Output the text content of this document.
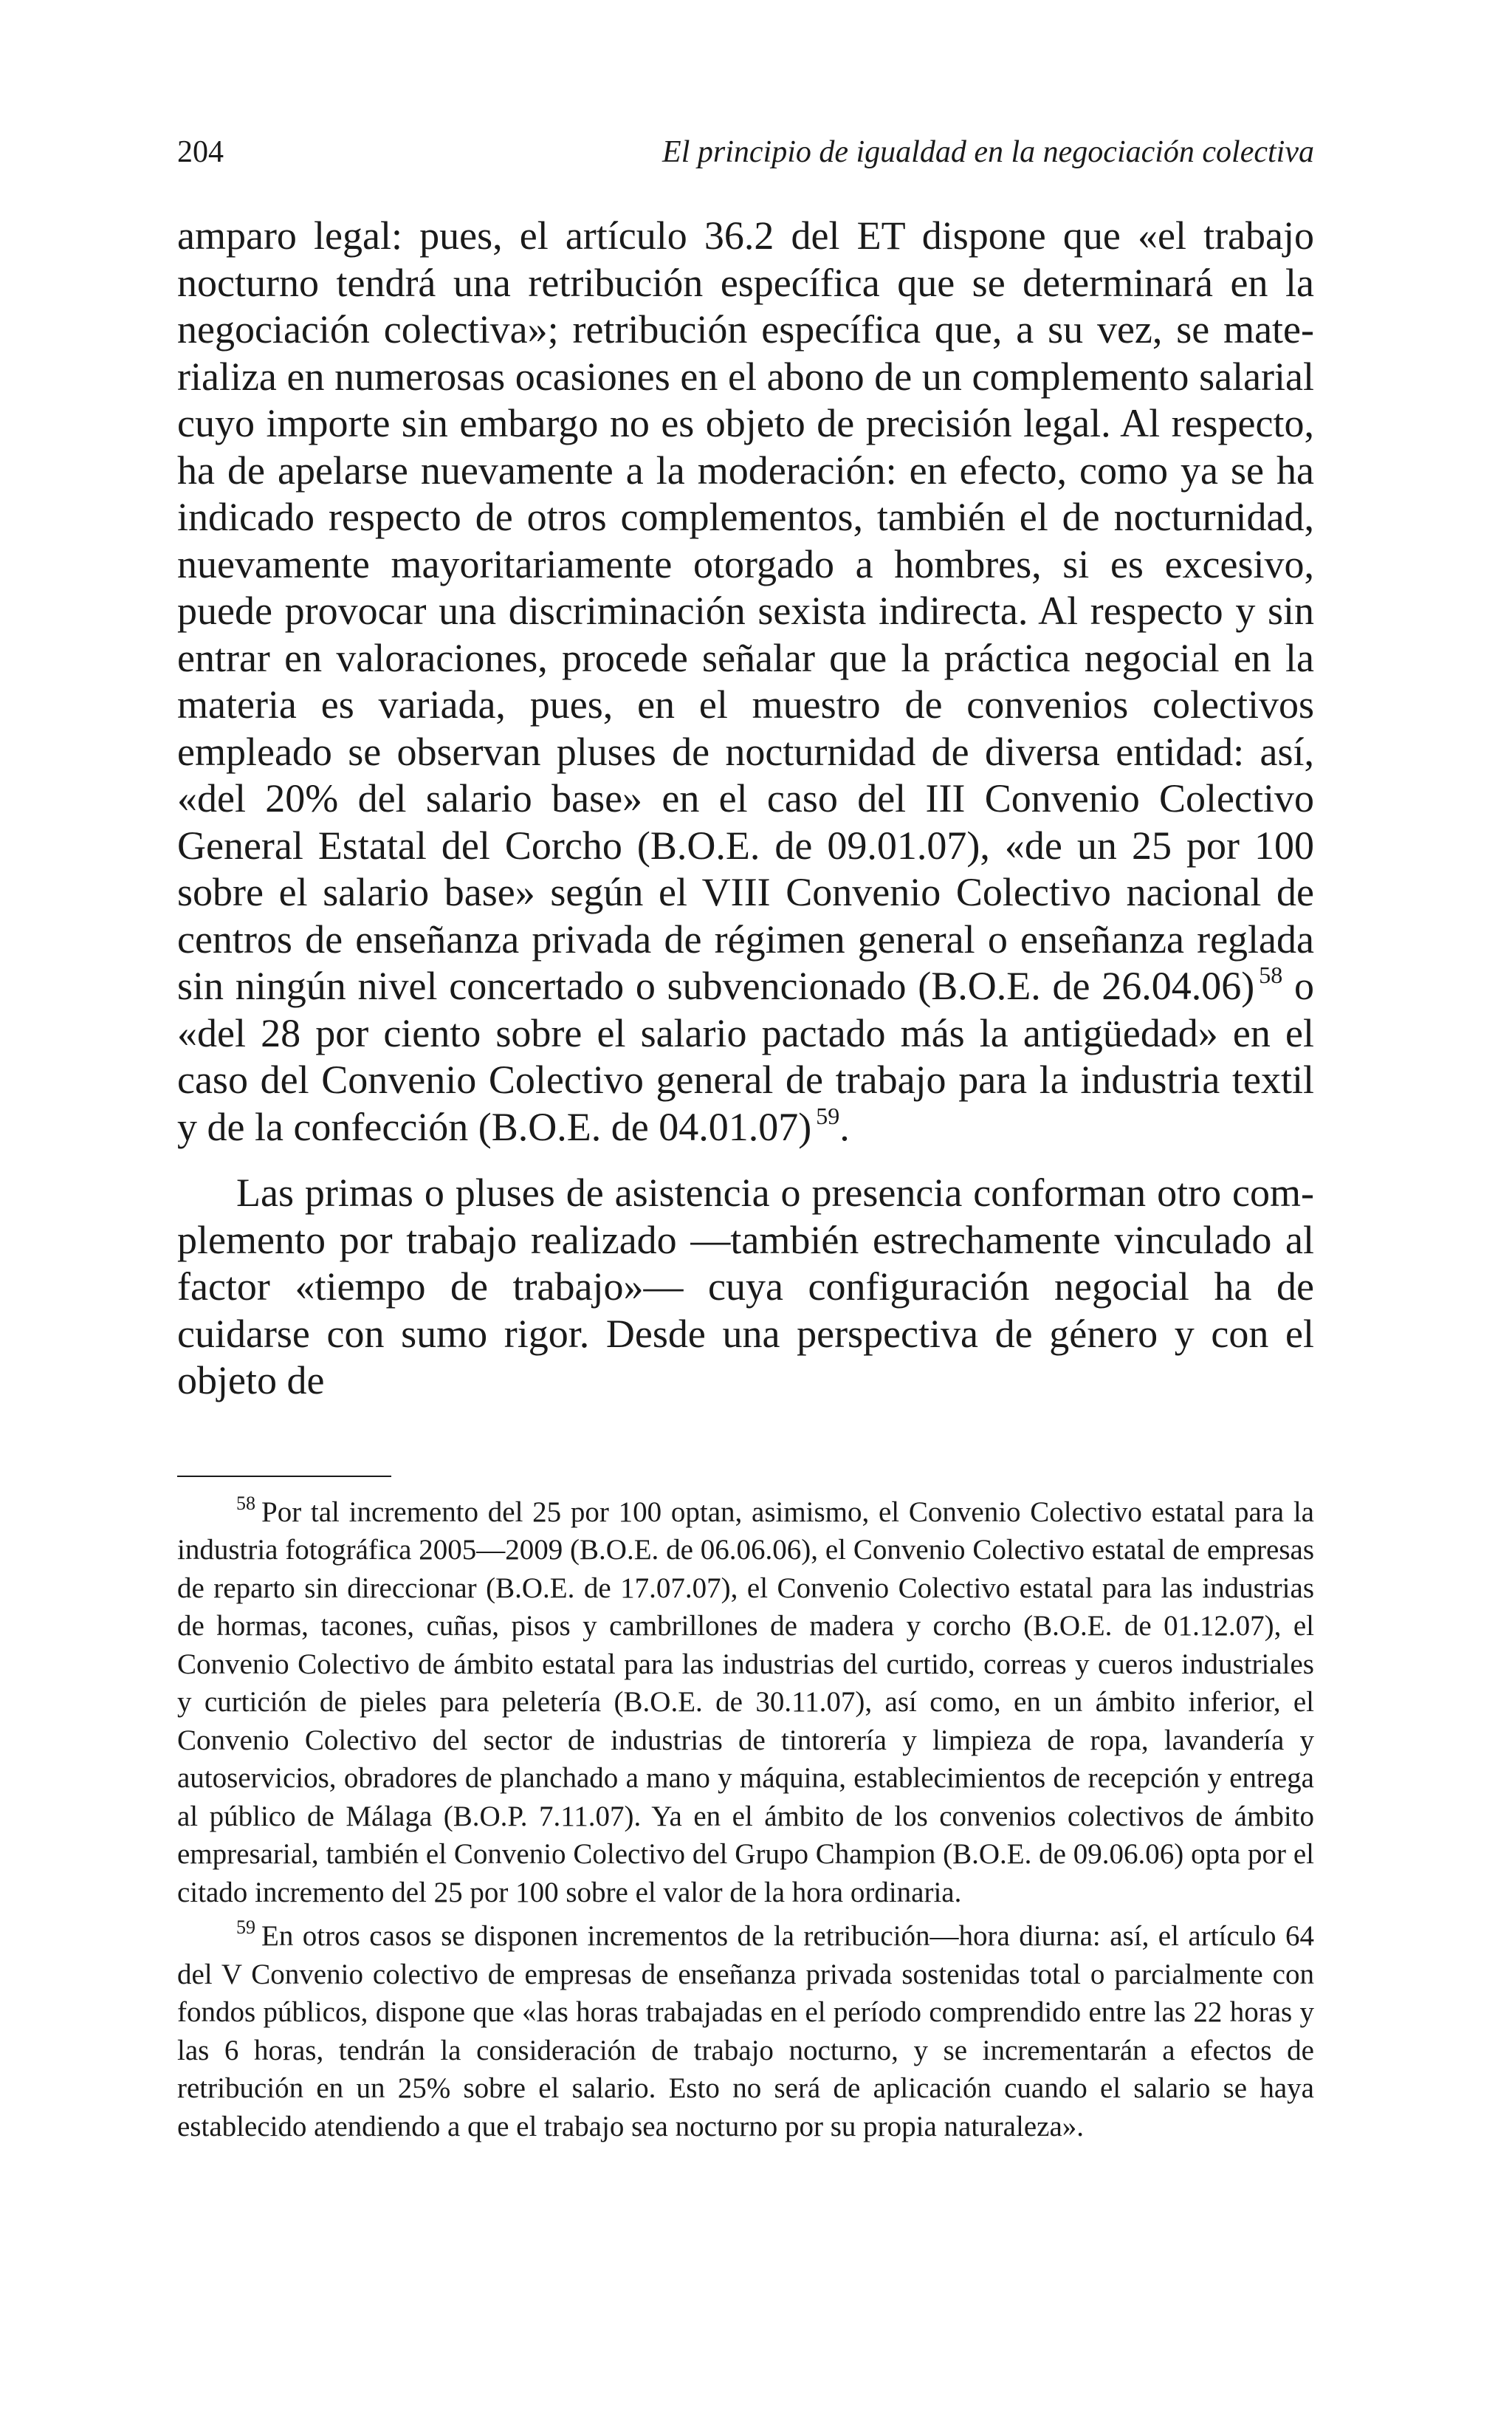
204	El principio de igualdad en la negociación colectiva

amparo legal: pues, el artículo 36.2 del ET dispone que «el trabajo nocturno tendrá una retribución específica que se determinará en la negociación colectiva»; retribución específica que, a su vez, se materializa en numerosas ocasiones en el abono de un complemento salarial cuyo importe sin embargo no es objeto de precisión legal. Al respecto, ha de apelarse nuevamente a la moderación: en efecto, como ya se ha indicado respecto de otros complementos, también el de nocturnidad, nuevamente mayoritariamente otorgado a hombres, si es excesivo, puede provocar una discriminación sexista indirecta. Al respecto y sin entrar en valoraciones, procede señalar que la práctica negocial en la materia es variada, pues, en el muestro de convenios colectivos empleado se observan pluses de nocturnidad de diversa entidad: así, «del 20% del salario base» en el caso del III Convenio Colectivo General Estatal del Corcho (B.O.E. de 09.01.07), «de un 25 por 100 sobre el salario base» según el VIII Convenio Colectivo nacional de centros de enseñanza privada de régimen general o enseñanza reglada sin ningún nivel concertado o subvencionado (B.O.E. de 26.04.06) $^{58}$ o «del 28 por ciento sobre el salario pactado más la antigüedad» en el caso del Convenio Colectivo general de trabajo para la industria textil y de la confección (B.O.E. de 04.01.07) $^{59}$.

Las primas o pluses de asistencia o presencia conforman otro complemento por trabajo realizado —también estrechamente vinculado al factor «tiempo de trabajo»— cuya configuración negocial ha de cuidarse con sumo rigor. Desde una perspectiva de género y con el objeto de

$^{58}$ Por tal incremento del 25 por 100 optan, asimismo, el Convenio Colectivo estatal para la industria fotográfica 2005—2009 (B.O.E. de 06.06.06), el Convenio Colectivo estatal de empresas de reparto sin direccionar (B.O.E. de 17.07.07), el Convenio Colectivo estatal para las industrias de hormas, tacones, cuñas, pisos y cambrillones de madera y corcho (B.O.E. de 01.12.07), el Convenio Colectivo de ámbito estatal para las industrias del curtido, correas y cueros industriales y curtición de pieles para peletería (B.O.E. de 30.11.07), así como, en un ámbito inferior, el Convenio Colectivo del sector de industrias de tintorería y limpieza de ropa, lavandería y autoservicios, obradores de planchado a mano y máquina, establecimientos de recepción y entrega al público de Málaga (B.O.P. 7.11.07). Ya en el ámbito de los convenios colectivos de ámbito empresarial, también el Convenio Colectivo del Grupo Champion (B.O.E. de 09.06.06) opta por el citado incremento del 25 por 100 sobre el valor de la hora ordinaria.

$^{59}$ En otros casos se disponen incrementos de la retribución—hora diurna: así, el artículo 64 del V Convenio colectivo de empresas de enseñanza privada sostenidas total o parcialmente con fondos públicos, dispone que «las horas trabajadas en el período comprendido entre las 22 horas y las 6 horas, tendrán la consideración de trabajo nocturno, y se incrementarán a efectos de retribución en un 25% sobre el salario. Esto no será de aplicación cuando el salario se haya establecido atendiendo a que el trabajo sea nocturno por su propia naturaleza».
